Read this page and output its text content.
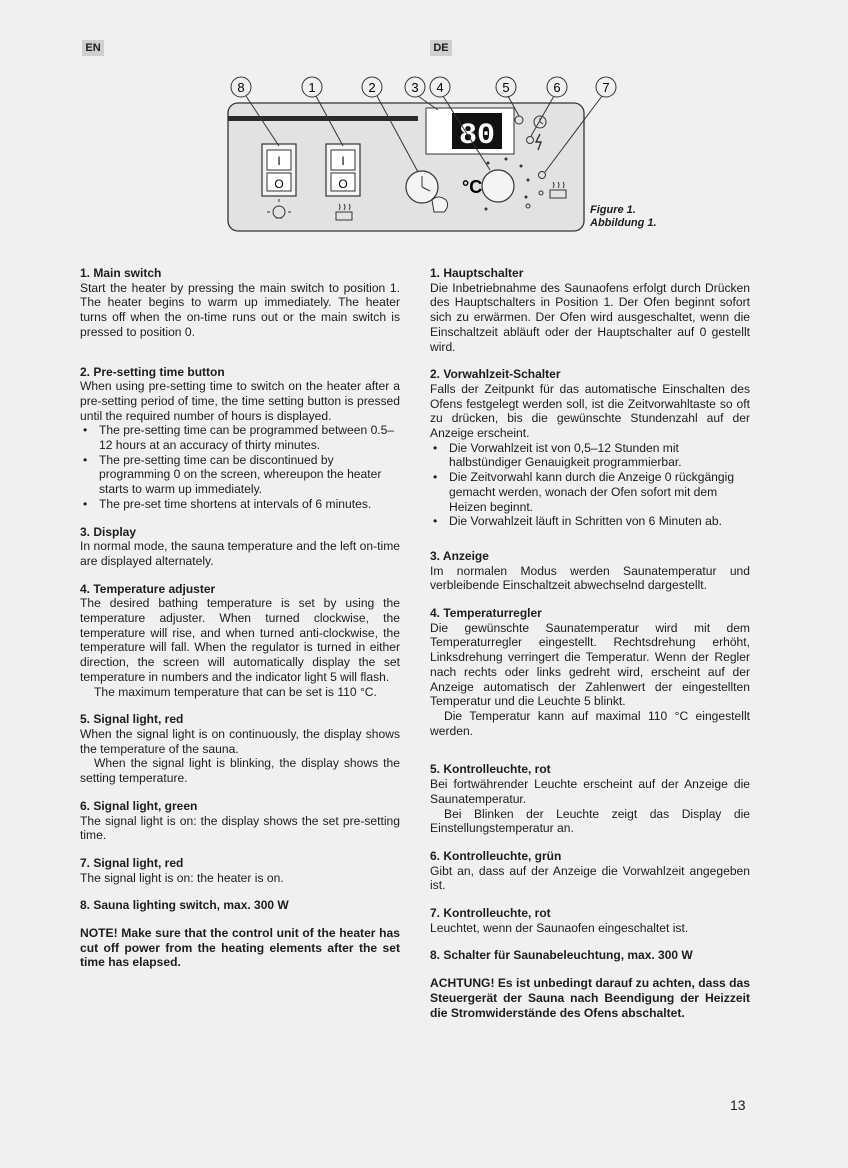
EN	DE
80
I
O
I
O	°C
8	1	2	3 4	5	6	7
Figure 1.
Abbildung 1.
1. Main switch

Start the heater by pressing the main switch to position 1. The heater begins to warm up immediately. The heater turns off when the on-time runs out or the main switch is pressed to position 0.

2. Pre-setting time button

When using pre-setting time to switch on the heater after a pre-setting period of time, the time setting button is pressed until the required number of hours is displayed.

• The pre-setting time can be programmed between 0.5–12 hours at an accuracy of thirty minutes.
• The pre-setting time can be discontinued by programming 0 on the screen, whereupon the heater starts to warm up immediately.
• The pre-set time shortens at intervals of 6 minutes.
3. Display

In normal mode, the sauna temperature and the left on-time are displayed alternately.

4. Temperature adjuster

The desired bathing temperature is set by using the temperature adjuster. When turned clockwise, the temperature will rise, and when turned anti-clockwise, the temperature will fall. When the regulator is turned in either direction, the screen will automatically display the set temperature in numbers and the indicator light 5 will flash.

The maximum temperature that can be set is 110 °C.

5. Signal light, red

When the signal light is on continuously, the display shows the temperature of the sauna.

When the signal light is blinking, the display shows the setting temperature.

6. Signal light, green

The signal light is on: the display shows the set pre-setting time.

7. Signal light, red

The signal light is on: the heater is on.

8. Sauna lighting switch, max. 300 W

NOTE! Make sure that the control unit of the heater has cut off power from the heating elements after the set time has elapsed.

1. Hauptschalter

Die Inbetriebnahme des Saunaofens erfolgt durch Drücken des Hauptschalters in Position 1. Der Ofen beginnt sofort sich zu erwärmen. Der Ofen wird ausgeschaltet, wenn die Einschaltzeit abläuft oder der Hauptschalter auf 0 gestellt wird.

2. Vorwahlzeit-Schalter

Falls der Zeitpunkt für das automatische Einschalten des Ofens festgelegt werden soll, ist die Zeitvorwahltaste so oft zu drücken, bis die gewünschte Stundenzahl auf der Anzeige erscheint.

• Die Vorwahlzeit ist von 0,5–12 Stunden mit halbstündiger Genauigkeit programmierbar.
• Die Zeitvorwahl kann durch die Anzeige 0 rückgängig gemacht werden, wonach der Ofen sofort mit dem Heizen beginnt.
• Die Vorwahlzeit läuft in Schritten von 6 Minuten ab.
3. Anzeige

Im normalen Modus werden Saunatemperatur und verbleibende Einschaltzeit abwechselnd dargestellt.

4. Temperaturregler

Die gewünschte Saunatemperatur wird mit dem Temperaturregler eingestellt. Rechtsdrehung erhöht, Linksdrehung verringert die Temperatur. Wenn der Regler nach rechts oder links gedreht wird, erscheint auf der Anzeige automatisch der Zahlenwert der eingestellten Temperatur und die Leuchte 5 blinkt.

Die Temperatur kann auf maximal 110 °C eingestellt werden.

5. Kontrolleuchte, rot

Bei fortwährender Leuchte erscheint auf der Anzeige die Saunatemperatur.

Bei Blinken der Leuchte zeigt das Display die Einstellungstemperatur an.

6. Kontrolleuchte, grün

Gibt an, dass auf der Anzeige die Vorwahlzeit angegeben ist.

7. Kontrolleuchte, rot

Leuchtet, wenn der Saunaofen eingeschaltet ist.

8. Schalter für Saunabeleuchtung, max. 300 W

ACHTUNG! Es ist unbedingt darauf zu achten, dass das Steuergerät der Sauna nach Beendigung der Heizzeit die Stromwiderstände des Ofens abschaltet.

13
